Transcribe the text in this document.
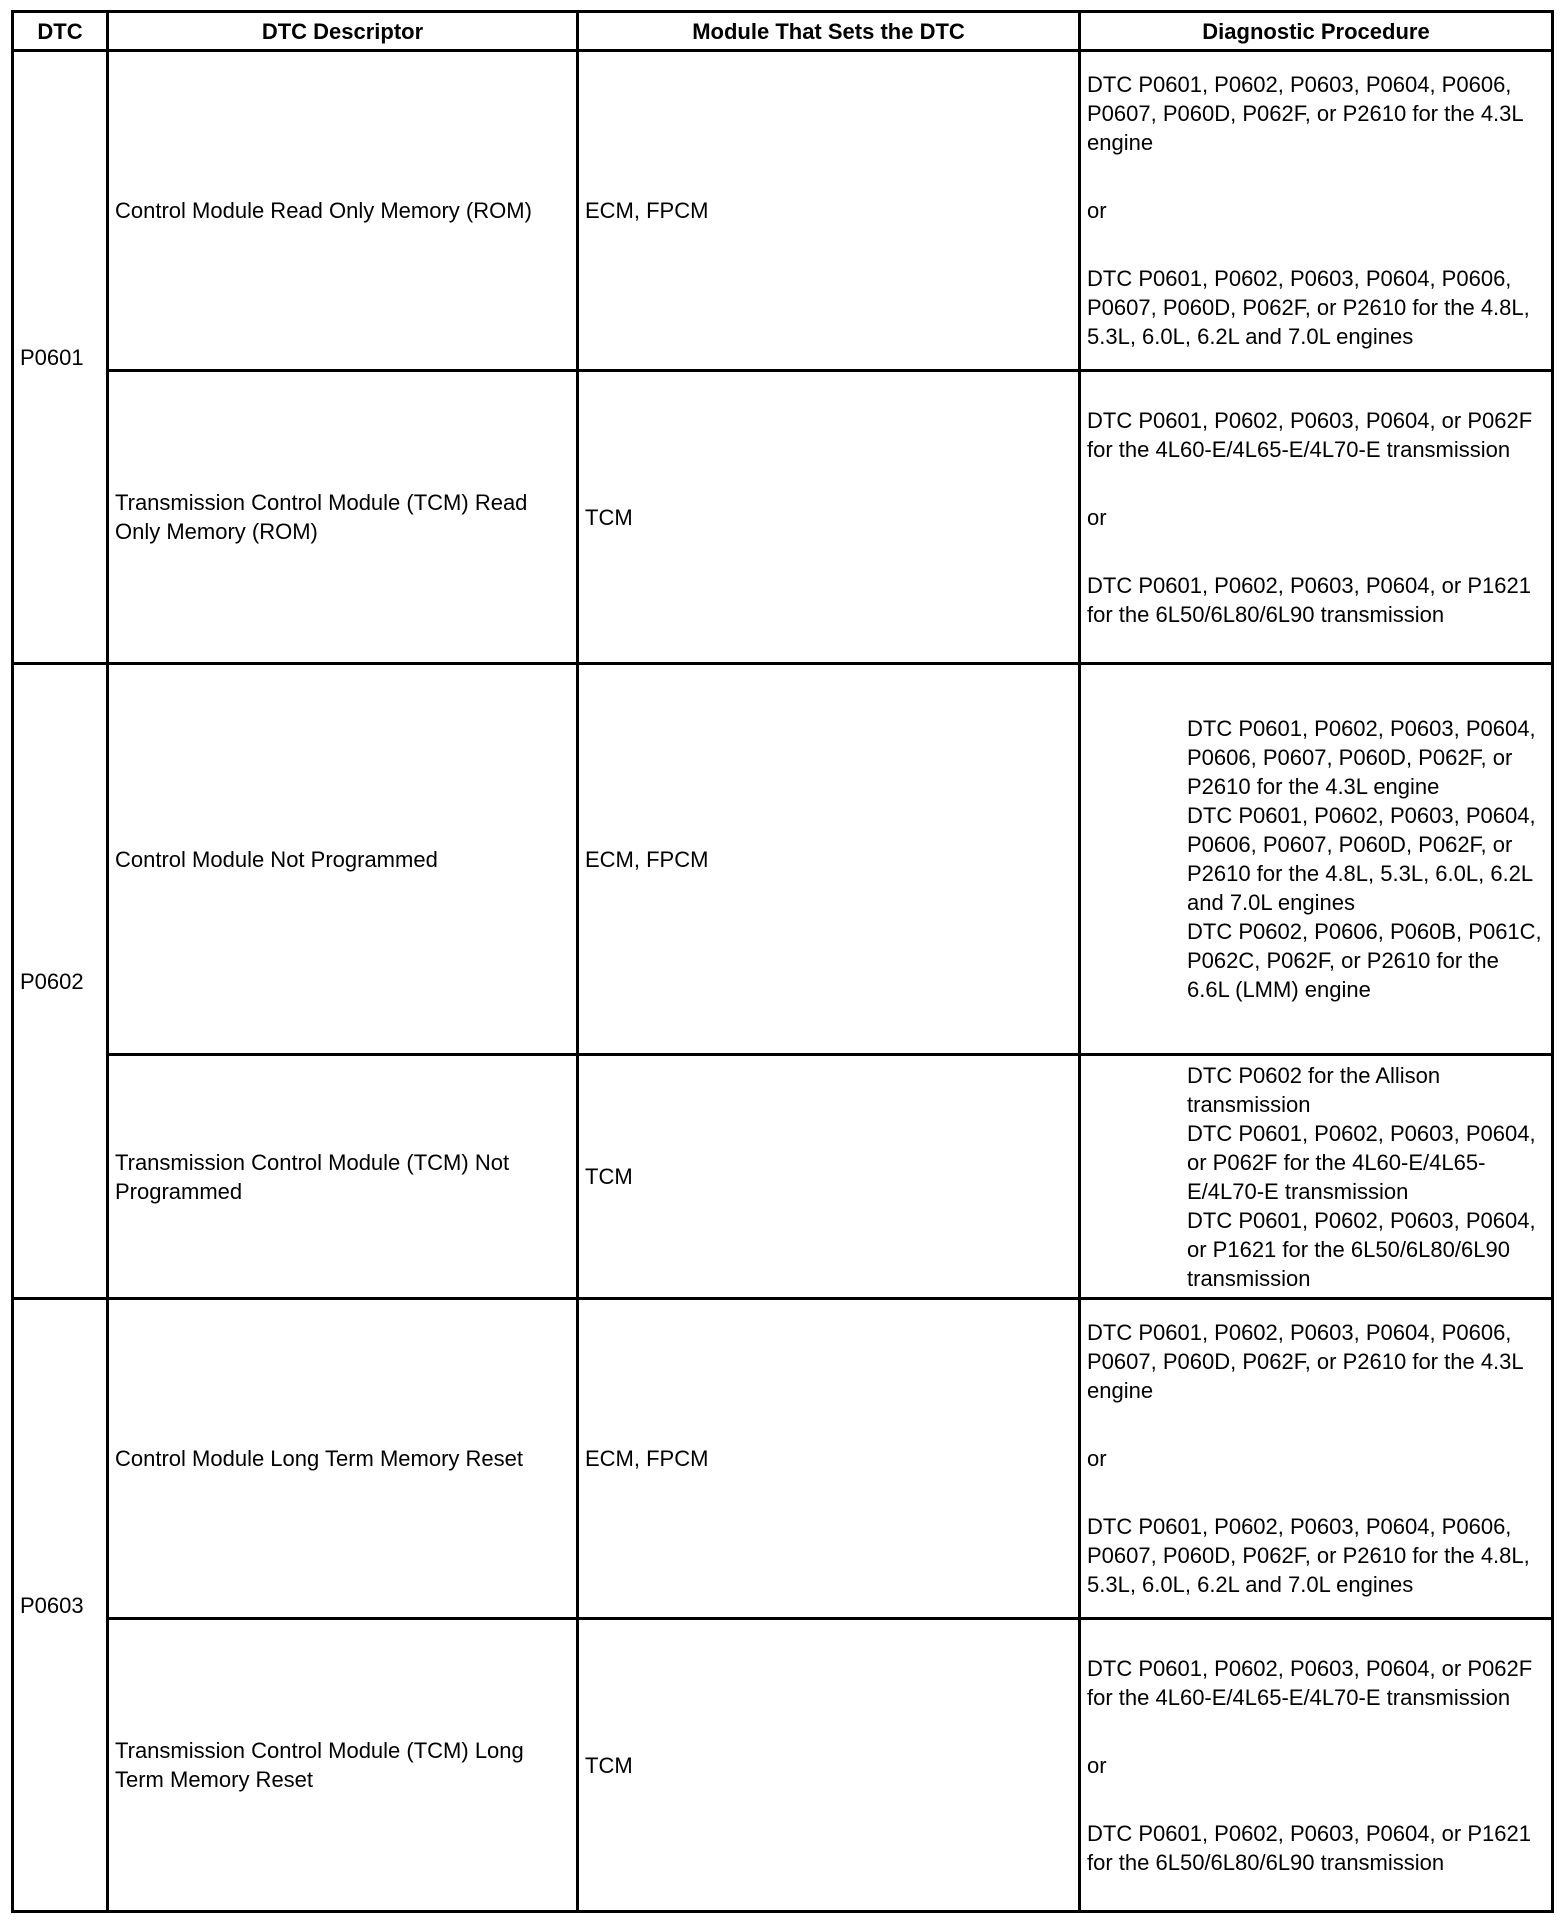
DTC	DTC Descriptor	Module That Sets the DTC	Diagnostic Procedure
P0601	Control Module Read Only Memory (ROM)	ECM, FPCM	DTC P0601, P0602, P0603, P0604, P0606, P0607, P060D, P062F, or P2610 for the 4.3L engine
or
DTC P0601, P0602, P0603, P0604, P0606, P0607, P060D, P062F, or P2610 for the 4.8L, 5.3L, 6.0L, 6.2L and 7.0L engines

	Transmission Control Module (TCM) Read Only Memory (ROM)	TCM	DTC P0601, P0602, P0603, P0604, or P062F for the 4L60-E/4L65-E/4L70-E transmission
or
DTC P0601, P0602, P0603, P0604, or P1621 for the 6L50/6L80/6L90 transmission

P0602	Control Module Not Programmed	ECM, FPCM	DTC P0601, P0602, P0603, P0604, P0606, P0607, P060D, P062F, or P2610 for the 4.3L engine
DTC P0601, P0602, P0603, P0604, P0606, P0607, P060D, P062F, or P2610 for the 4.8L, 5.3L, 6.0L, 6.2L and 7.0L engines
DTC P0602, P0606, P060B, P061C, P062C, P062F, or P2610 for the 6.6L (LMM) engine

	Transmission Control Module (TCM) Not Programmed	TCM	DTC P0602 for the Allison transmission
DTC P0601, P0602, P0603, P0604, or P062F for the 4L60-E/4L65-E/4L70-E transmission
DTC P0601, P0602, P0603, P0604, or P1621 for the 6L50/6L80/6L90 transmission

P0603	Control Module Long Term Memory Reset	ECM, FPCM	DTC P0601, P0602, P0603, P0604, P0606, P0607, P060D, P062F, or P2610 for the 4.3L engine
or
DTC P0601, P0602, P0603, P0604, P0606, P0607, P060D, P062F, or P2610 for the 4.8L, 5.3L, 6.0L, 6.2L and 7.0L engines

	Transmission Control Module (TCM) Long Term Memory Reset	TCM	DTC P0601, P0602, P0603, P0604, or P062F for the 4L60-E/4L65-E/4L70-E transmission
or
DTC P0601, P0602, P0603, P0604, or P1621 for the 6L50/6L80/6L90 transmission
